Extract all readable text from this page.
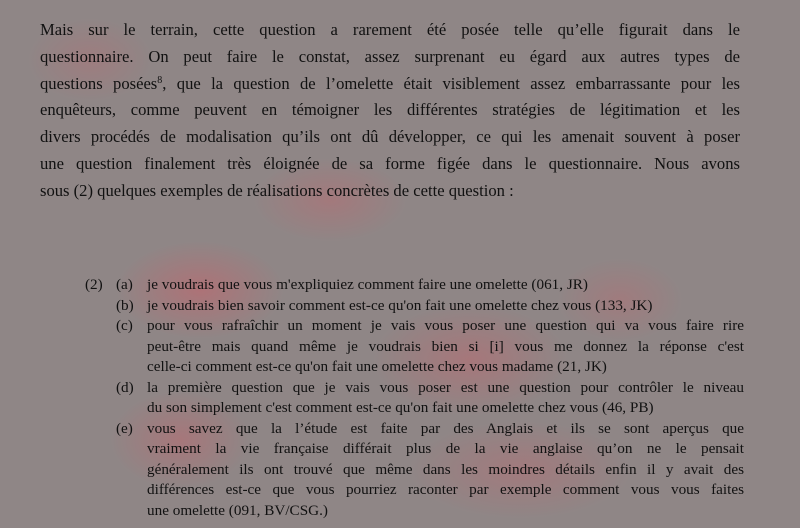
Mais sur le terrain, cette question a rarement été posée telle qu’elle figurait dans le
questionnaire. On peut faire le constat, assez surprenant eu égard aux autres types de
questions posées$^8$, que la question de l’omelette était visiblement assez embarrassante pour les
enquêteurs, comme peuvent en témoigner les différentes stratégies de légitimation et les
divers procédés de modalisation qu’ils ont dû développer, ce qui les amenait souvent à poser
une question finalement très éloignée de sa forme figée dans le questionnaire. Nous avons
sous (2) quelques exemples de réalisations concrètes de cette question :
(2) (a) je voudrais que vous m'expliquiez comment faire une omelette (061, JR)
(b) je voudrais bien savoir comment est-ce qu'on fait une omelette chez vous (133, JK)
(c) pour vous rafraîchir un moment je vais vous poser une question qui va vous faire rire
peut-être mais quand même je voudrais bien si [i] vous me donnez la réponse c'est
celle-ci comment est-ce qu'on fait une omelette chez vous madame (21, JK)
(d) la première question que je vais vous poser est une question pour contrôler le niveau
du son simplement c'est comment est-ce qu'on fait une omelette chez vous (46, PB)
(e) vous savez que la l’étude est faite par des Anglais et ils se sont aperçus que
vraiment la vie française différait plus de la vie anglaise qu’on ne le pensait
généralement ils ont trouvé que même dans les moindres détails enfin il y avait des
différences est-ce que vous pourriez raconter par exemple comment vous vous faites
une omelette (091, BV/CSG.)
